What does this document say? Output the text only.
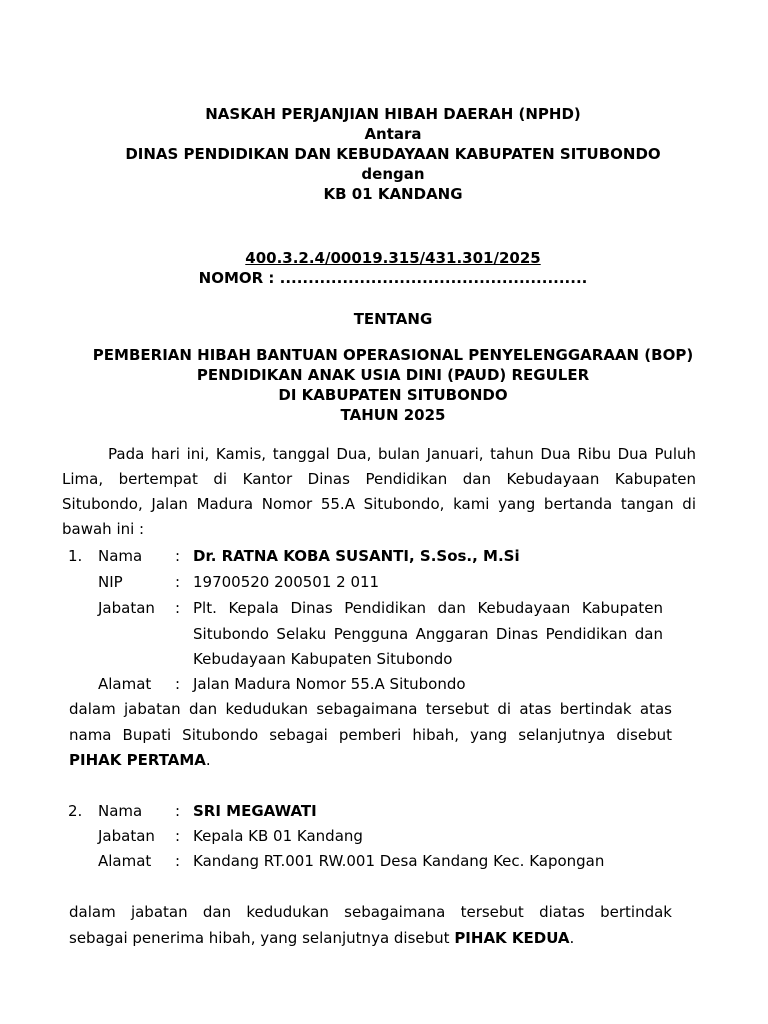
NASKAH PERJANJIAN HIBAH DAERAH (NPHD)
Antara
DINAS PENDIDIKAN DAN KEBUDAYAAN KABUPATEN SITUBONDO
dengan
KB 01 KANDANG
400.3.2.4/00019.315/431.301/2025
NOMOR : ......................................................
TENTANG
PEMBERIAN HIBAH BANTUAN OPERASIONAL PENYELENGGARAAN (BOP)
PENDIDIKAN ANAK USIA DINI (PAUD) REGULER
DI KABUPATEN SITUBONDO
TAHUN 2025
Pada hari ini, Kamis, tanggal Dua, bulan Januari, tahun Dua Ribu Dua Puluh
Lima, bertempat di Kantor Dinas Pendidikan dan Kebudayaan Kabupaten
Situbondo, Jalan Madura Nomor 55.A Situbondo, kami yang bertanda tangan di
bawah ini :
1. Nama : Dr. RATNA KOBA SUSANTI, S.Sos., M.Si
NIP	: 19700520 200501 2 011
Jabatan : Plt. Kepala Dinas Pendidikan dan Kebudayaan Kabupaten
Situbondo Selaku Pengguna Anggaran Dinas Pendidikan dan
Kebudayaan Kabupaten Situbondo
Alamat : Jalan Madura Nomor 55.A Situbondo
dalam jabatan dan kedudukan sebagaimana tersebut di atas bertindak atas
nama Bupati Situbondo sebagai pemberi hibah, yang selanjutnya disebut
PIHAK PERTAMA.
2. Nama : SRI MEGAWATI
Jabatan : Kepala KB 01 Kandang
Alamat : Kandang RT.001 RW.001 Desa Kandang Kec. Kapongan
dalam jabatan dan kedudukan sebagaimana tersebut diatas bertindak
sebagai penerima hibah, yang selanjutnya disebut PIHAK KEDUA.
